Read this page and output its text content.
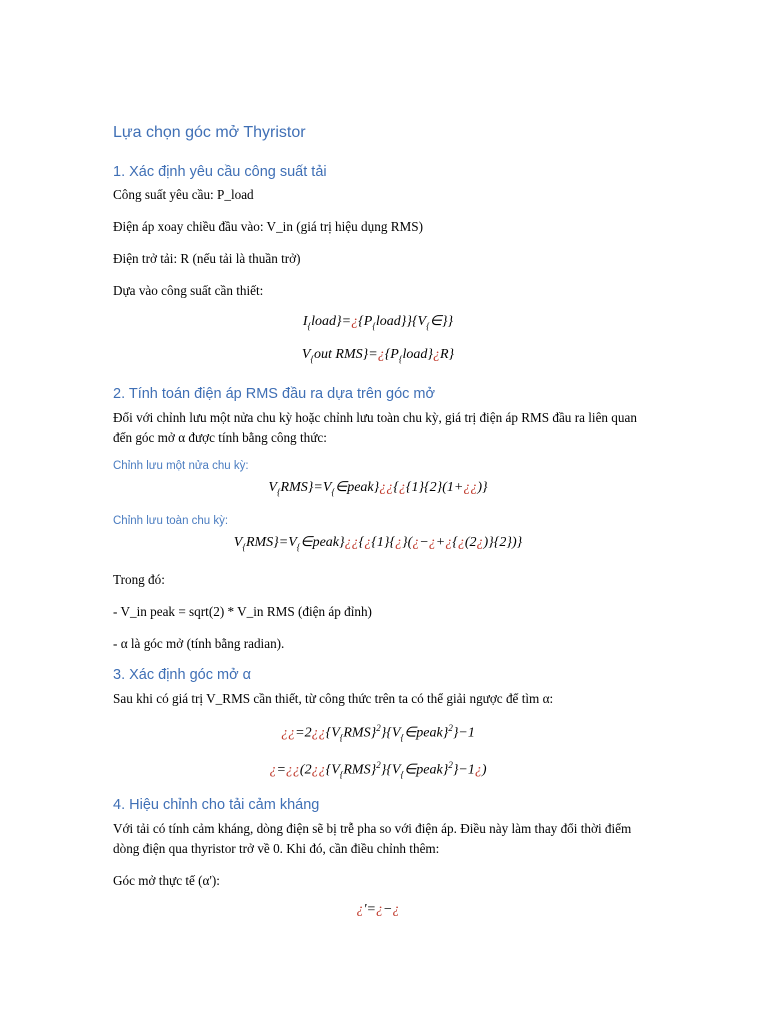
Lựa chọn góc mở Thyristor
1. Xác định yêu cầu công suất tải

Công suất yêu cầu: P_load

Điện áp xoay chiều đầu vào: V_in (giá trị hiệu dụng RMS)

Điện trở tải: R (nếu tải là thuần trở)

Dựa vào công suất cần thiết:

$I_{\{}load\}=¿\{P_{\{}load\}\}\{V_{\{}\in\}$}
$V_{\{}out$ $RMS\}=¿\{P_{\{}load\}¿R$}
2. Tính toán điện áp RMS đầu ra dựa trên góc mở

Đối với chỉnh lưu một nửa chu kỳ hoặc chỉnh lưu toàn chu kỳ, giá trị điện áp RMS đầu ra liên quan đến góc mở α được tính bằng công thức:

Chỉnh lưu một nửa chu kỳ:
$V_{\{}RMS\}=V_{\{}\in peak\}¿¿\{¿\{1\}\{2\}(1+¿¿)\}$
Chỉnh lưu toàn chu kỳ:
$V_{\{}RMS\}=V_{\{}\in peak\}¿¿\{¿\{1\}\{¿\}(¿-¿+¿\{¿(2¿)\}\{2\})\}$

Trong đó:

- V_in peak = sqrt(2) * V_in RMS (điện áp đỉnh)

- α là góc mở (tính bằng radian).

3. Xác định góc mở α

Sau khi có giá trị V_RMS cần thiết, từ công thức trên ta có thể giải ngược để tìm α:

¿¿$=2¿¿\{V_{\{}RMS\}^2\}\{V_{\{}\in peak\}^2\}-1$
¿$=¿¿(2¿¿\{V_{\{}RMS\}^2\}\{V_{\{}\in peak\}^2\}-1¿$)
4. Hiệu chỉnh cho tải cảm kháng

Với tải có tính cảm kháng, dòng điện sẽ bị trễ pha so với điện áp. Điều này làm thay đổi thời điểm dòng điện qua thyristor trở về 0. Khi đó, cần điều chỉnh thêm:

Góc mở thực tế (α'):

¿'=¿−¿
